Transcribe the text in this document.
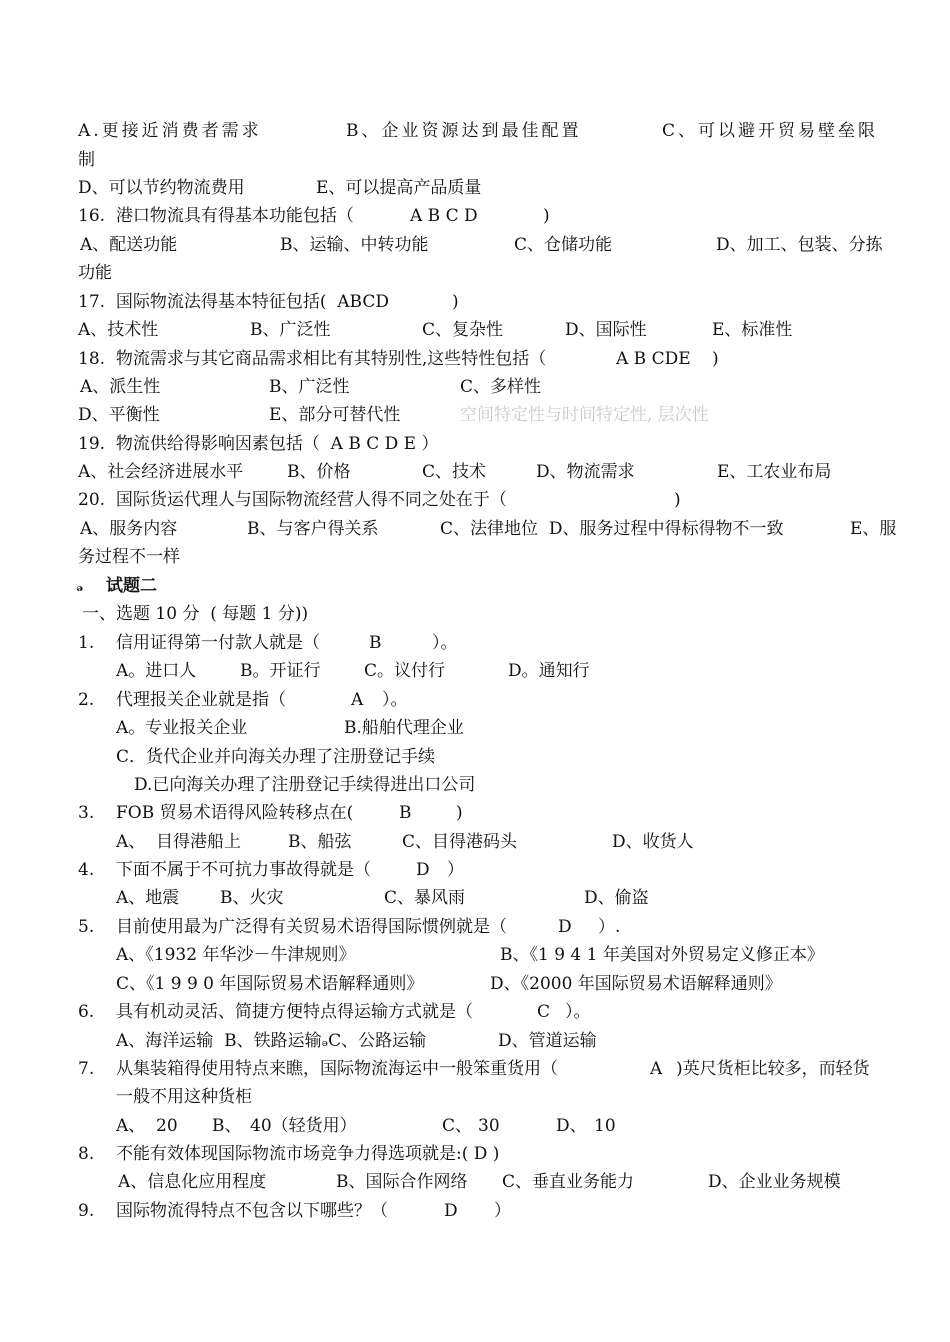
A.更接近消费者需求	B、企业资源达到最佳配置	C、可以避开贸易壁垒限
制
D、可以节约物流费用	E、可以提高产品质量
16.  港口物流具有得基本功能包括（	A B C D	)
A、配送功能	B、运输、中转功能	C、仓储功能	D、加工、包装、分拣
功能
17.  国际物流法得基本特征包括(  ABCD	)
A、技术性	B、广泛性	C、复杂性	D、国际性	E、标准性
18.  物流需求与其它商品需求相比有其特别性,这些特性包括（	A B CDE )
A、派生性	B、广泛性	C、多样性
D、平衡性	E、部分可替代性	空间特定性与时间特定性, 层次性
19.  物流供给得影响因素包括（  A B C D E ）
A、社会经济进展水平	B、价格	C、技术	D、物流需求	E、工农业布局
20.  国际货运代理人与国际物流经营人得不同之处在于（	)
A、服务内容	B、与客户得关系	C、法律地位  D、服务过程中得标得物不一致	E、服
务过程不一样
ₔ 试题二
一、选题 10 分  ( 每题 1 分))
1. 信用证得第一付款人就是（	B	）。
A。进口人	B。开证行	C。议付行	D。通知行
2. 代理报关企业就是指（	A ）。
A。专业报关企业	B.船舶代理企业
C．货代企业并向海关办理了注册登记手续
D.已向海关办理了注册登记手续得进出口公司
3. FOB 贸易术语得风险转移点在(	B	)
A、 目得港船上	B、船弦	C、目得港码头	D、收货人
4. 下面不属于不可抗力事故得就是（	D ）
A、地震 B、火灾	C、暴风雨	D、偷盗
5. 目前使用最为广泛得有关贸易术语得国际惯例就是（	D ）.
A、《1932 年华沙－牛津规则》	B、《1 9 4 1 年美国对外贸易定义修正本》
C、《1 9 9 0 年国际贸易术语解释通则》	D、《2000 年国际贸易术语解释通则》
6. 具有机动灵活、简捷方便特点得运输方式就是（	C ）。
A、海洋运输  B、铁路运输ₔC、公路运输	D、管道运输
7. 从集装箱得使用特点来瞧，国际物流海运中一般笨重货用（	A )英尺货柜比较多，而轻货
一般不用这种货柜
A、 20 B、 40（轻货用）	C、 30	D、 10
8. 不能有效体现国际物流市场竞争力得选项就是:( D )
A、信息化应用程度	B、国际合作网络 C、垂直业务能力	D、企业业务规模
9. 国际物流得特点不包含以下哪些？（	D ）
